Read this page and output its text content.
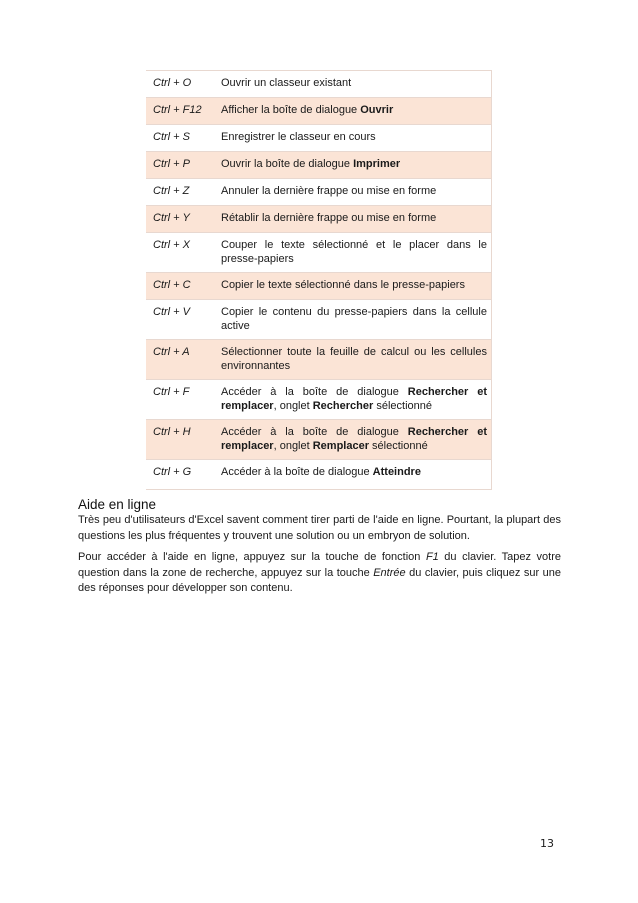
Ctrl + O	Ouvrir un classeur existant
Ctrl + F12	Afficher la boîte de dialogue Ouvrir
Ctrl + S	Enregistrer le classeur en cours
Ctrl + P	Ouvrir la boîte de dialogue Imprimer
Ctrl + Z	Annuler la dernière frappe ou mise en forme
Ctrl + Y	Rétablir la dernière frappe ou mise en forme
Ctrl + X	Couper le texte sélectionné et le placer dans le presse-papiers
Ctrl + C	Copier le texte sélectionné dans le presse-papiers
Ctrl + V	Copier le contenu du presse-papiers dans la cellule active
Ctrl + A	Sélectionner toute la feuille de calcul ou les cellules environnantes
Ctrl + F	Accéder à la boîte de dialogue Rechercher et remplacer, onglet Rechercher sélectionné
Ctrl + H	Accéder à la boîte de dialogue Rechercher et remplacer, onglet Remplacer sélectionné
Ctrl + G	Accéder à la boîte de dialogue Atteindre
Aide en ligne

Très peu d'utilisateurs d'Excel savent comment tirer parti de l'aide en ligne. Pourtant, la plupart des questions les plus fréquentes y trouvent une solution ou un embryon de solution.

Pour accéder à l'aide en ligne, appuyez sur la touche de fonction F1 du clavier. Tapez votre question dans la zone de recherche, appuyez sur la touche Entrée du clavier, puis cliquez sur une des réponses pour développer son contenu.

13
